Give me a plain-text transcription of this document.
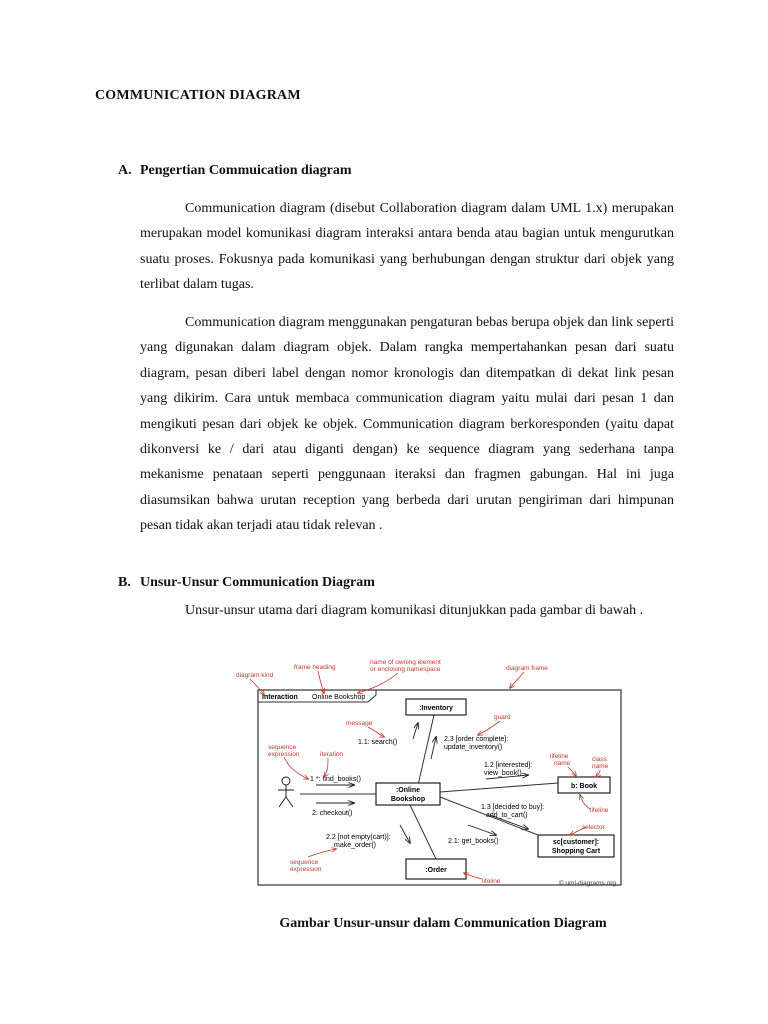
COMMUNICATION DIAGRAM
A. Pengertian Commuication diagram

Communication diagram (disebut Collaboration diagram dalam UML 1.x) merupakan merupakan model komunikasi diagram interaksi antara benda atau bagian untuk mengurutkan suatu proses. Fokusnya pada komunikasi yang berhubungan dengan struktur dari objek yang terlibat dalam tugas.

Communication diagram menggunakan pengaturan bebas berupa objek dan link seperti yang digunakan dalam diagram objek. Dalam rangka mempertahankan pesan dari suatu diagram, pesan diberi label dengan nomor kronologis dan ditempatkan di dekat link pesan yang dikirim. Cara untuk membaca communication diagram yaitu mulai dari pesan 1 dan mengikuti pesan dari objek ke objek. Communication diagram berkoresponden (yaitu dapat dikonversi ke / dari atau diganti dengan) ke sequence diagram yang sederhana tanpa mekanisme penataan seperti penggunaan iteraksi dan fragmen gabungan. Hal ini juga diasumsikan bahwa urutan reception yang berbeda dari urutan pengiriman dari himpunan pesan tidak akan terjadi atau tidak relevan .

B. Unsur-Unsur Communication Diagram

Unsur-unsur utama dari diagram komunikasi ditunjukkan pada gambar di bawah .

interaction Online Bookshop
:Inventory
:Online
Bookshop
b: Book
sc[customer]:
Shopping Cart
:Order
1.1: search()	2.3 [order complete]:
update_inventory()
1 *: find_books()
1.2 [interested]:
view_book()
2: checkout()
1.3 [decided to buy]:
add_to_cart()
2.1: get_books()
2.2 [not empty(cart)]:
make_order()
diagram kind
frame heading
name of owning element
or enclosing namespace	diagram frame
message
guard
sequence
expression	iteration	lifeline
name
class
name
lifeline
selector
sequence
expression
lifeline	© uml-diagrams.org
Gambar Unsur-unsur dalam Communication Diagram
